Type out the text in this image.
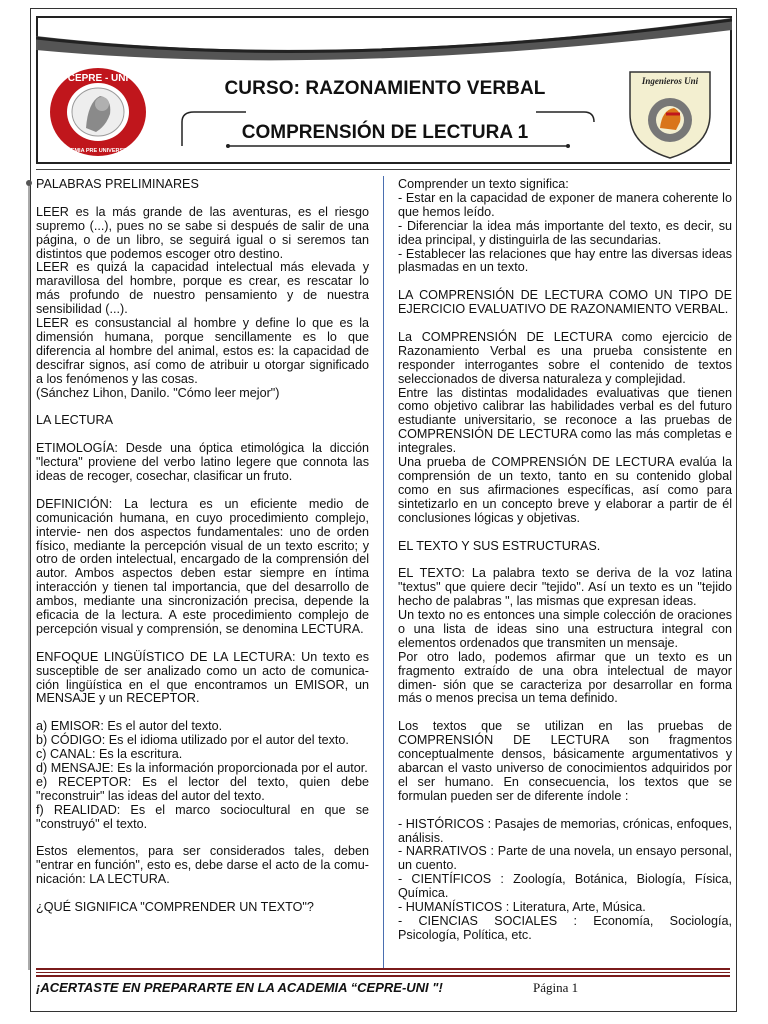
CEPRE - UNI
ACADEMIA PRE UNIVERSITARIA
CURSO: RAZONAMIENTO VERBAL
COMPRENSIÓN DE LECTURA 1
Ingenieros Uni

PALABRAS PRELIMINARES

LEER es la más grande de las aventuras, es el riesgo supremo (...), pues no se sabe si después de salir de una página, o de un libro, se seguirá igual o si seremos tan distintos que podemos escoger otro destino.

LEER es quizá la capacidad intelectual más elevada y maravillosa del hombre, porque es crear, es rescatar lo más profundo de nuestro pensamiento y de nuestra sensibilidad (...).

LEER es consustancial al hombre y define lo que es la dimensión humana, porque sencillamente es lo que diferencia al hombre del animal, estos es: la capacidad de descifrar signos, así como de atribuir u otorgar significado a los fenómenos y las cosas.

(Sánchez Lihon, Danilo. "Cómo leer mejor")

LA LECTURA

ETIMOLOGÍA: Desde una óptica etimológica la dicción "lectura" proviene del verbo latino legere que connota las ideas de recoger, cosechar, clasificar un fruto.

DEFINICIÓN: La lectura es un eficiente medio de comunicación humana, en cuyo procedimiento complejo, intervie- nen dos aspectos fundamentales: uno de orden físico, mediante la percepción visual de un texto escrito; y otro de orden intelectual, encargado de la comprensión del autor. Ambos aspectos deben estar siempre en íntima interacción y tienen tal importancia, que del desarrollo de ambos, mediante una sincronización precisa, depende la eficacia de la lectura. A este procedimiento complejo de percepción visual y comprensión, se denomina LECTURA.

ENFOQUE LINGÜÍSTICO DE LA LECTURA: Un texto es susceptible de ser analizado como un acto de comunica- ción lingüística en el que encontramos un EMISOR, un MENSAJE y un RECEPTOR.

a) EMISOR: Es el autor del texto.

b) CÓDIGO: Es el idioma utilizado por el autor del texto.

c) CANAL: Es la escritura.

d) MENSAJE: Es la información proporcionada por el autor.

e) RECEPTOR: Es el lector del texto, quien debe "reconstruir" las ideas del autor del texto.

f) REALIDAD: Es el marco sociocultural en que se "construyó" el texto.

Estos elementos, para ser considerados tales, deben "entrar en función", esto es, debe darse el acto de la comu- nicación: LA LECTURA.

¿QUÉ SIGNIFICA "COMPRENDER UN TEXTO"?

Comprender un texto significa:

- Estar en la capacidad de exponer de manera coherente lo que hemos leído.

- Diferenciar la idea más importante del texto, es decir, su idea principal, y distinguirla de las secundarias.

- Establecer las relaciones que hay entre las diversas ideas plasmadas en un texto.

LA COMPRENSIÓN DE LECTURA COMO UN TIPO DE EJERCICIO EVALUATIVO DE RAZONAMIENTO VERBAL.

La COMPRENSIÓN DE LECTURA como ejercicio de Razonamiento Verbal es una prueba consistente en responder interrogantes sobre el contenido de textos seleccionados de diversa naturaleza y complejidad.

Entre las distintas modalidades evaluativas que tienen como objetivo calibrar las habilidades verbal es del futuro estudiante universitario, se reconoce a las pruebas de COMPRENSIÓN DE LECTURA como las más completas e integrales.

Una prueba de COMPRENSIÓN DE LECTURA evalúa la comprensión de un texto, tanto en su contenido global como en sus afirmaciones específicas, así como para sintetizarlo en un concepto breve y elaborar a partir de él conclusiones lógicas y objetivas.

EL TEXTO Y SUS ESTRUCTURAS.

EL TEXTO: La palabra texto se deriva de la voz latina "textus" que quiere decir "tejido". Así un texto es un "tejido hecho de palabras ", las mismas que expresan ideas.

Un texto no es entonces una simple colección de oraciones o una lista de ideas sino una estructura integral con elementos ordenados que transmiten un mensaje.

Por otro lado, podemos afirmar que un texto es un fragmento extraído de una obra intelectual de mayor dimen- sión que se caracteriza por desarrollar en forma más o menos precisa un tema definido.

Los textos que se utilizan en las pruebas de COMPRENSIÓN DE LECTURA son fragmentos conceptualmente densos, básicamente argumentativos y abarcan el vasto universo de conocimientos adquiridos por el ser humano. En consecuencia, los textos que se formulan pueden ser de diferente índole :

- HISTÓRICOS : Pasajes de memorias, crónicas, enfoques, análisis.

- NARRATIVOS : Parte de una novela, un ensayo personal, un cuento.

- CIENTÍFICOS : Zoología, Botánica, Biología, Física, Química.

- HUMANÍSTICOS : Literatura, Arte, Música.

- CIENCIAS SOCIALES : Economía, Sociología, Psicología, Política, etc.

¡ACERTASTE EN PREPARARTE EN LA ACADEMIA “CEPRE-UNI "!	Página 1
